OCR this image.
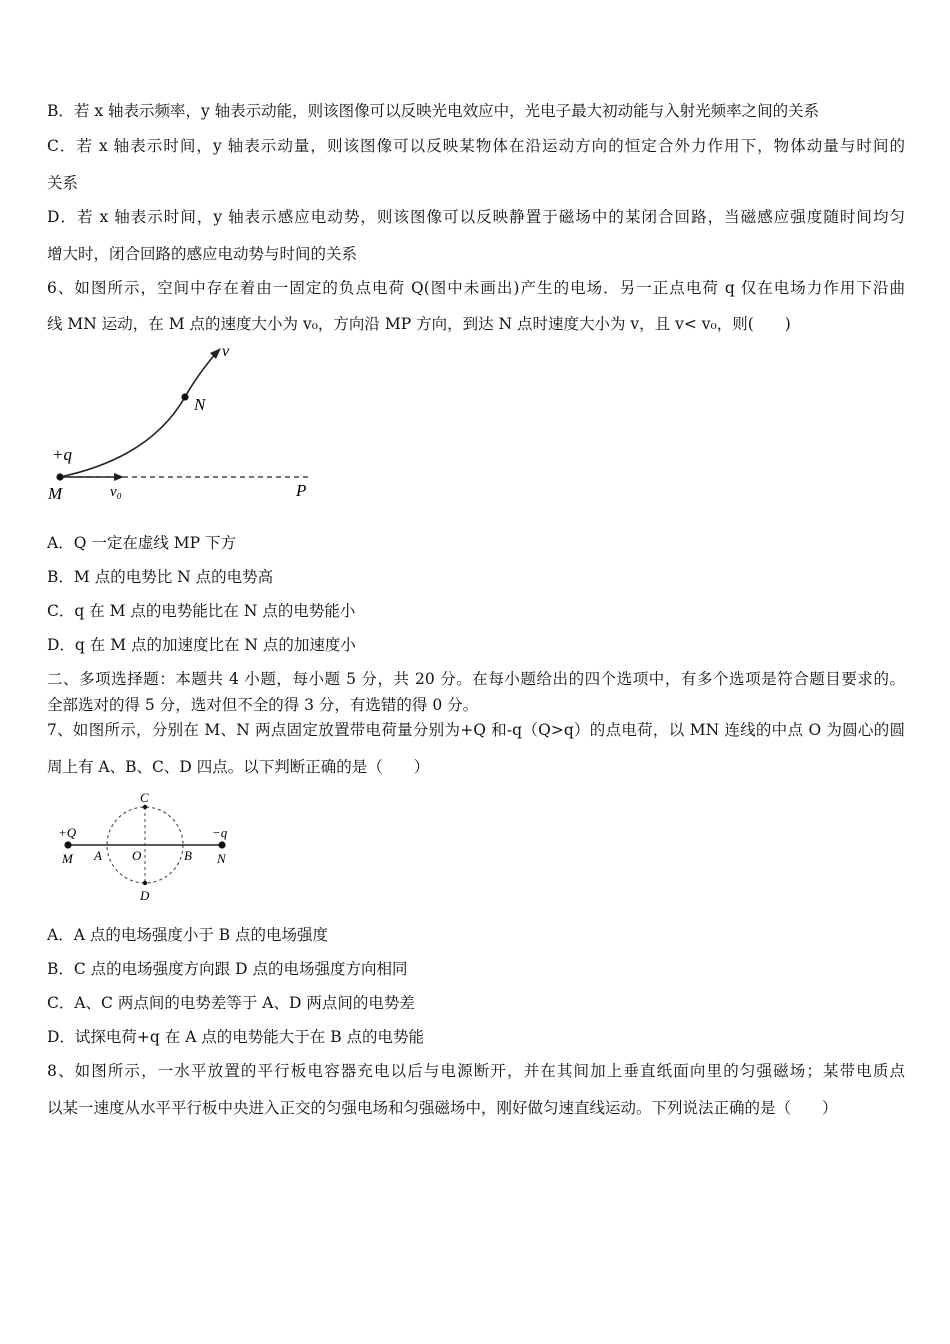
B．若 x 轴表示频率，y 轴表示动能，则该图像可以反映光电效应中，光电子最大初动能与入射光频率之间的关系
C．若 x 轴表示时间，y 轴表示动量，则该图像可以反映某物体在沿运动方向的恒定合外力作用下，物体动量与时间的
关系
D．若 x 轴表示时间，y 轴表示感应电动势，则该图像可以反映静置于磁场中的某闭合回路，当磁感应强度随时间均匀
增大时，闭合回路的感应电动势与时间的关系
6、如图所示，空间中存在着由一固定的负点电荷 Q(图中未画出)产生的电场．另一正点电荷 q 仅在电场力作用下沿曲
线 MN 运动，在 M 点的速度大小为 v₀，方向沿 MP 方向，到达 N 点时速度大小为 v，且 v< v₀，则(　　)
v
N
+q
M	v₀	P
A．Q 一定在虚线 MP 下方
B．M 点的电势比 N 点的电势高
C．q 在 M 点的电势能比在 N 点的电势能小
D．q 在 M 点的加速度比在 N 点的加速度小
二、多项选择题：本题共 4 小题，每小题 5 分，共 20 分。在每小题给出的四个选项中，有多个选项是符合题目要求的。
全部选对的得 5 分，选对但不全的得 3 分，有选错的得 0 分。
7、如图所示，分别在 M、N 两点固定放置带电荷量分别为+Q 和-q（Q>q）的点电荷，以 MN 连线的中点 O 为圆心的圆
周上有 A、B、C、D 四点。以下判断正确的是（　　）
+Q	−q
M A O	B N
C
D
A．A 点的电场强度小于 B 点的电场强度
B．C 点的电场强度方向跟 D 点的电场强度方向相同
C．A、C 两点间的电势差等于 A、D 两点间的电势差
D．试探电荷+q 在 A 点的电势能大于在 B 点的电势能
8、如图所示，一水平放置的平行板电容器充电以后与电源断开，并在其间加上垂直纸面向里的匀强磁场；某带电质点
以某一速度从水平平行板中央进入正交的匀强电场和匀强磁场中，刚好做匀速直线运动。下列说法正确的是（　　）
